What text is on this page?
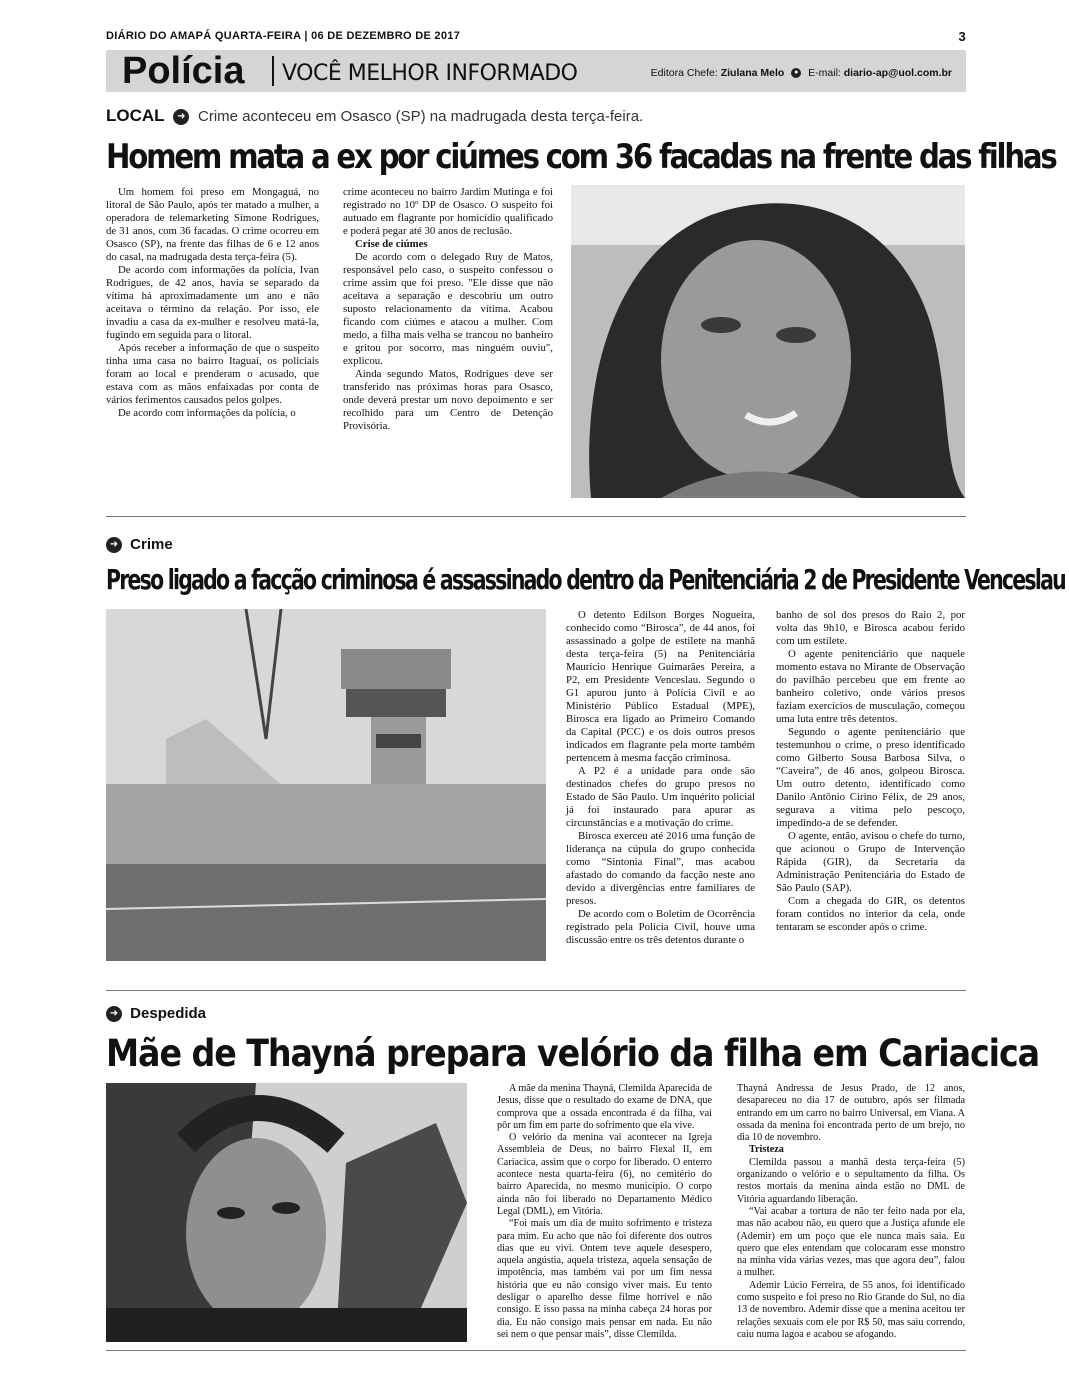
DIÁRIO DO AMAPÁ QUARTA-FEIRA | 06 DE DEZEMBRO DE 2017	3
Polícia VOCÊ MELHOR INFORMADO	Editora Chefe: Ziulana Melo ● E-mail: diario-ap@uol.com.br
LOCAL ➜ Crime aconteceu em Osasco (SP) na madrugada desta terça-feira.
Homem mata a ex por ciúmes com 36 facadas na frente das filhas

Um homem foi preso em Mongaguá, no litoral de São Paulo, após ter matado a mulher, a operadora de telemarketing Simone Rodrigues, de 31 anos, com 36 facadas. O crime ocorreu em Osasco (SP), na frente das filhas de 6 e 12 anos do casal, na madrugada desta terça-feira (5).

De acordo com informações da polícia, Ivan Rodrigues, de 42 anos, havia se separado da vítima há aproximadamente um ano e não aceitava o término da relação. Por isso, ele invadiu a casa da ex-mulher e resolveu matá-la, fugindo em seguida para o litoral.

Após receber a informação de que o suspeito tinha uma casa no bairro Itaguaí, os policiais foram ao local e prenderam o acusado, que estava com as mãos enfaixadas por conta de vários ferimentos causados pelos golpes.

De acordo com informações da polícia, o

crime aconteceu no bairro Jardim Mutinga e foi registrado no 10º DP de Osasco. O suspeito foi autuado em flagrante por homicídio qualificado e poderá pegar até 30 anos de reclusão.

Crise de ciúmes

De acordo com o delegado Ruy de Matos, responsável pelo caso, o suspeito confessou o crime assim que foi preso. "Ele disse que não aceitava a separação e descobriu um outro suposto relacionamento da vítima. Acabou ficando com ciúmes e atacou a mulher. Com medo, a filha mais velha se trancou no banheiro e gritou por socorro, mas ninguém ouviu", explicou.

Ainda segundo Matos, Rodrigues deve ser transferido nas próximas horas para Osasco, onde deverá prestar um novo depoimento e ser recolhido para um Centro de Detenção Provisória.

➜ Crime
Preso ligado a facção criminosa é assassinado dentro da Penitenciária 2 de Presidente Venceslau

O detento Edilson Borges Nogueira, conhecido como “Birosca”, de 44 anos, foi assassinado a golpe de estilete na manhã desta terça-feira (5) na Penitenciária Maurício Henrique Guimarães Pereira, a P2, em Presidente Venceslau. Segundo o G1 apurou junto à Polícia Civil e ao Ministério Público Estadual (MPE), Birosca era ligado ao Primeiro Comando da Capital (PCC) e os dois outros presos indicados em flagrante pela morte também pertencem à mesma facção criminosa.

A P2 é a unidade para onde são destinados chefes do grupo presos no Estado de São Paulo. Um inquérito policial já foi instaurado para apurar as circunstâncias e a motivação do crime.

Birosca exerceu até 2016 uma função de liderança na cúpula do grupo conhecida como “Sintonia Final”, mas acabou afastado do comando da facção neste ano devido a divergências entre familiares de presos.

De acordo com o Boletim de Ocorrência registrado pela Polícia Civil, houve uma discussão entre os três detentos durante o

banho de sol dos presos do Raio 2, por volta das 9h10, e Birosca acabou ferido com um estilete.

O agente penitenciário que naquele momento estava no Mirante de Observação do pavilhão percebeu que em frente ao banheiro coletivo, onde vários presos faziam exercícios de musculação, começou uma luta entre três detentos.

Segundo o agente penitenciário que testemunhou o crime, o preso identificado como Gilberto Sousa Barbosa Silva, o “Caveira”, de 46 anos, golpeou Birosca. Um outro detento, identificado como Danilo Antônio Cirino Félix, de 29 anos, segurava a vítima pelo pescoço, impedindo-a de se defender.

O agente, então, avisou o chefe do turno, que acionou o Grupo de Intervenção Rápida (GIR), da Secretaria da Administração Penitenciária do Estado de São Paulo (SAP).

Com a chegada do GIR, os detentos foram contidos no interior da cela, onde tentaram se esconder após o crime.

➜ Despedida
Mãe de Thayná prepara velório da filha em Cariacica

A mãe da menina Thayná, Clemilda Aparecida de Jesus, disse que o resultado do exame de DNA, que comprova que a ossada encontrada é da filha, vai pôr um fim em parte do sofrimento que ela vive.

O velório da menina vai acontecer na Igreja Assembleia de Deus, no bairro Flexal II, em Cariacica, assim que o corpo for liberado. O enterro acontece nesta quarta-feira (6), no cemitério do bairro Aparecida, no mesmo município. O corpo ainda não foi liberado no Departamento Médico Legal (DML), em Vitória.

“Foi mais um dia de muito sofrimento e tristeza para mim. Eu acho que não foi diferente dos outros dias que eu vivi. Ontem teve aquele desespero, aquela angústia, aquela tristeza, aquela sensação de impotência, mas também vai por um fim nessa história que eu não consigo viver mais. Eu tento desligar o aparelho desse filme horrível e não consigo. E isso passa na minha cabeça 24 horas por dia. Eu não consigo mais pensar em nada. Eu não sei nem o que pensar mais”, disse Clemilda.

Thayná Andressa de Jesus Prado, de 12 anos, desapareceu no dia 17 de outubro, após ser filmada entrando em um carro no bairro Universal, em Viana. A ossada da menina foi encontrada perto de um brejo, no dia 10 de novembro.

Tristeza

Clemilda passou a manhã desta terça-feira (5) organizando o velório e o sepultamento da filha. Os restos mortais da menina ainda estão no DML de Vitória aguardando liberação.

“Vai acabar a tortura de não ter feito nada por ela, mas não acabou não, eu quero que a Justiça afunde ele (Ademir) em um poço que ele nunca mais saia. Eu quero que eles entendam que colocaram esse monstro na minha vida várias vezes, mas que agora deu”, falou a mulher.

Ademir Lúcio Ferreira, de 55 anos, foi identificado como suspeito e foi preso no Rio Grande do Sul, no dia 13 de novembro. Ademir disse que a menina aceitou ter relações sexuais com ele por R$ 50, mas saiu correndo, caiu numa lagoa e acabou se afogando.
